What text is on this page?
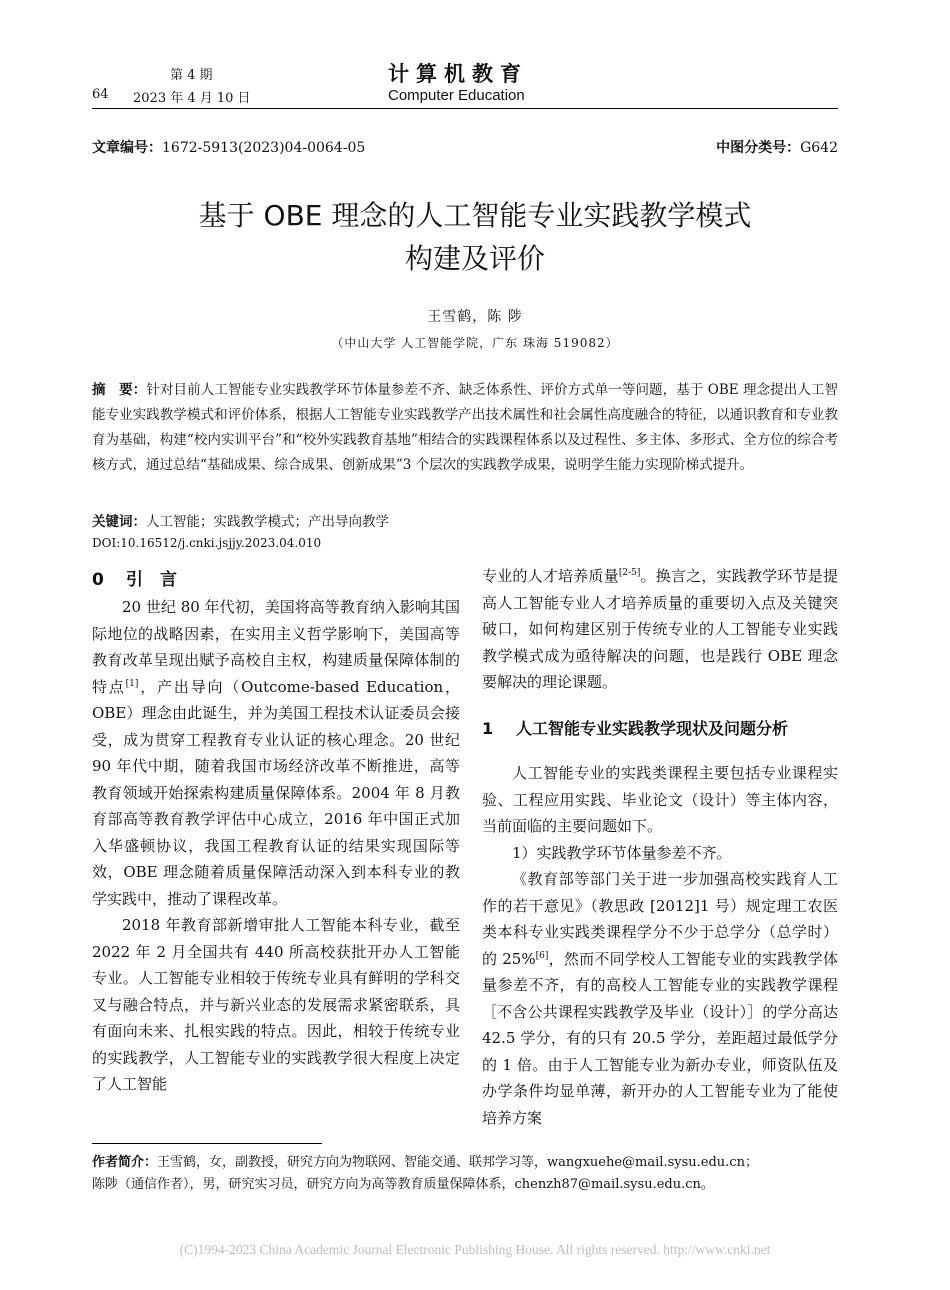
第 4 期
64 2023 年 4 月 10 日
计算机教育
Computer Education
文章编号：1672-5913(2023)04-0064-05	中图分类号：G642
基于 OBE 理念的人工智能专业实践教学模式
构建及评价
王雪鹤，陈 陟
（中山大学 人工智能学院，广东 珠海 519082）
摘　要：针对目前人工智能专业实践教学环节体量参差不齐、缺乏体系性、评价方式单一等问题，基于 OBE 理念提出人工智能专业实践教学模式和评价体系，根据人工智能专业实践教学产出技术属性和社会属性高度融合的特征，以通识教育和专业教育为基础，构建“校内实训平台”和“校外实践教育基地”相结合的实践课程体系以及过程性、多主体、多形式、全方位的综合考核方式，通过总结“基础成果、综合成果、创新成果”3 个层次的实践教学成果，说明学生能力实现阶梯式提升。
关键词：人工智能；实践教学模式；产出导向教学
DOI:10.16512/j.cnki.jsjjy.2023.04.010
0 引　言

20 世纪 80 年代初，美国将高等教育纳入影响其国际地位的战略因素，在实用主义哲学影响下，美国高等教育改革呈现出赋予高校自主权，构建质量保障体制的特点[1]，产出导向（Outcome-based Education，OBE）理念由此诞生，并为美国工程技术认证委员会接受，成为贯穿工程教育专业认证的核心理念。20 世纪 90 年代中期，随着我国市场经济改革不断推进，高等教育领域开始探索构建质量保障体系。2004 年 8 月教育部高等教育教学评估中心成立，2016 年中国正式加入华盛顿协议，我国工程教育认证的结果实现国际等效，OBE 理念随着质量保障活动深入到本科专业的教学实践中，推动了课程改革。

2018 年教育部新增审批人工智能本科专业，截至 2022 年 2 月全国共有 440 所高校获批开办人工智能专业。人工智能专业相较于传统专业具有鲜明的学科交叉与融合特点，并与新兴业态的发展需求紧密联系，具有面向未来、扎根实践的特点。因此，相较于传统专业的实践教学，人工智能专业的实践教学很大程度上决定了人工智能

专业的人才培养质量[2-5]。换言之，实践教学环节是提高人工智能专业人才培养质量的重要切入点及关键突破口，如何构建区别于传统专业的人工智能专业实践教学模式成为亟待解决的问题，也是践行 OBE 理念要解决的理论课题。

1 人工智能专业实践教学现状及问题分析

人工智能专业的实践类课程主要包括专业课程实验、工程应用实践、毕业论文（设计）等主体内容，当前面临的主要问题如下。

1）实践教学环节体量参差不齐。

《教育部等部门关于进一步加强高校实践育人工作的若干意见》（教思政 [2012]1 号）规定理工农医类本科专业实践类课程学分不少于总学分（总学时）的 25%[6]，然而不同学校人工智能专业的实践教学体量参差不齐，有的高校人工智能专业的实践教学课程［不含公共课程实践教学及毕业（设计）］的学分高达 42.5 学分，有的只有 20.5 学分，差距超过最低学分的 1 倍。由于人工智能专业为新办专业，师资队伍及办学条件均显单薄，新开办的人工智能专业为了能使培养方案

作者简介：王雪鹤，女，副教授，研究方向为物联网、智能交通、联邦学习等，wangxuehe@mail.sysu.edu.cn；
陈陟（通信作者），男，研究实习员，研究方向为高等教育质量保障体系，chenzh87@mail.sysu.edu.cn。
(C)1994-2023 China Academic Journal Electronic Publishing House. All rights reserved. http://www.cnki.net
